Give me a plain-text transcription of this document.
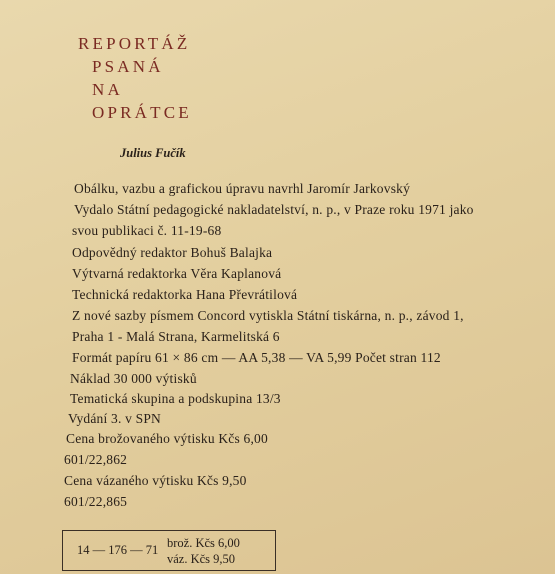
REPORTÁŽ
PSANÁ
NA
OPRÁTCE
Julius Fučík
Obálku, vazbu a grafickou úpravu navrhl Jaromír Jarkovský
Vydalo Státní pedagogické nakladatelství, n. p., v Praze roku 1971 jako
svou publikaci č. 11-19-68
Odpovědný redaktor Bohuš Balajka
Výtvarná redaktorka Věra Kaplanová
Technická redaktorka Hana Převrátilová
Z nové sazby písmem Concord vytiskla Státní tiskárna, n. p., závod 1,
Praha 1 - Malá Strana, Karmelitská 6
Formát papíru 61 × 86 cm — AA 5,38 — VA 5,99 Počet stran 112
Náklad 30 000 výtisků
Tematická skupina a podskupina 13/3
Vydání 3. v SPN
Cena brožovaného výtisku Kčs 6,00
601/22,862
Cena vázaného výtisku Kčs 9,50
601/22,865
14 — 176 — 71 brož. Kčs 6,00
váz. Kčs 9,50
